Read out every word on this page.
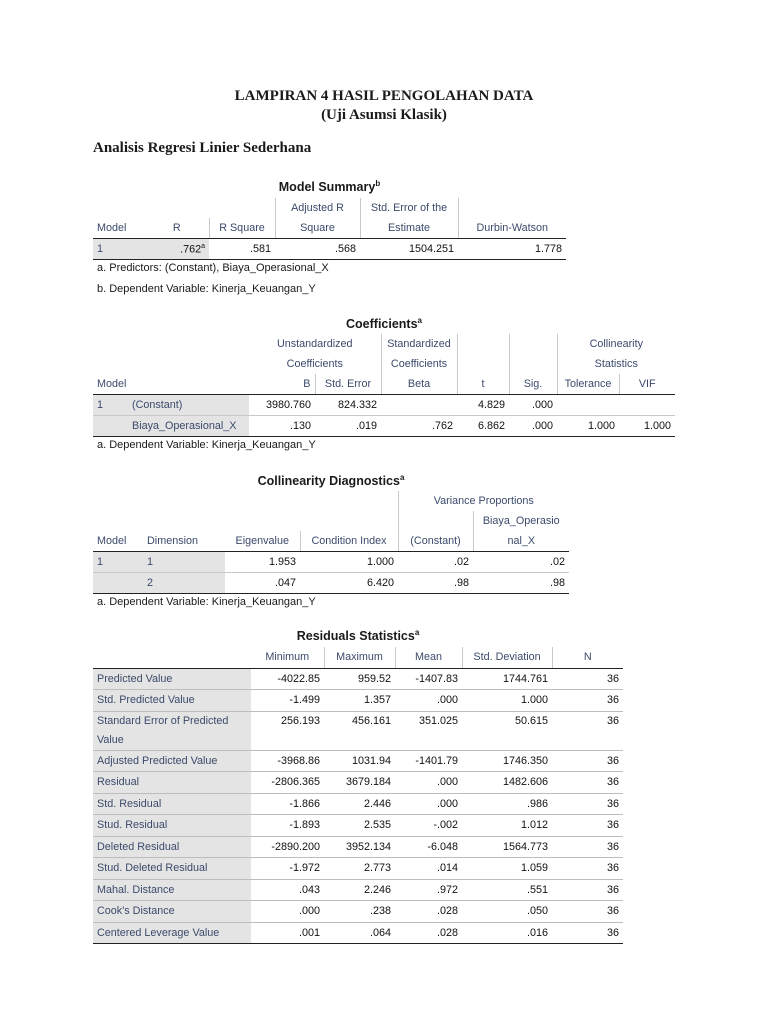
LAMPIRAN 4 HASIL PENGOLAHAN DATA
(Uji Asumsi Klasik)
Analisis Regresi Linier Sederhana
Model Summary$^b$
			Adjusted R	Std. Error of the	
Model	R	R Square	Square	Estimate	Durbin-Watson
1	.762$^a$	.581	.568	1504.251	1.778
a. Predictors: (Constant), Biaya_Operasional_X
b. Dependent Variable: Kinerja_Keuangan_Y
Coefficients$^a$
		Unstandardized		Standardized			Collinearity	
		Coefficients		Coefficients			Statistics	
Model		B	Std. Error	Beta	t	Sig.	Tolerance	VIF
1	(Constant)	3980.760	824.332		4.829	.000		
	Biaya_Operasional_X	.130	.019	.762	6.862	.000	1.000	1.000
a. Dependent Variable: Kinerja_Keuangan_Y
Collinearity Diagnostics$^a$
				Variance Proportions	
					Biaya_Operasio
Model	Dimension	Eigenvalue	Condition Index	(Constant)	nal_X
1	1	1.953	1.000	.02	.02
	2	.047	6.420	.98	.98
a. Dependent Variable: Kinerja_Keuangan_Y
Residuals Statistics$^a$
	Minimum	Maximum	Mean	Std. Deviation	N
Predicted Value	-4022.85	959.52	-1407.83	1744.761	36
Std. Predicted Value	-1.499	1.357	.000	1.000	36
Standard Error of Predicted Value	256.193	456.161	351.025	50.615	36
Adjusted Predicted Value	-3968.86	1031.94	-1401.79	1746.350	36
Residual	-2806.365	3679.184	.000	1482.606	36
Std. Residual	-1.866	2.446	.000	.986	36
Stud. Residual	-1.893	2.535	-.002	1.012	36
Deleted Residual	-2890.200	3952.134	-6.048	1564.773	36
Stud. Deleted Residual	-1.972	2.773	.014	1.059	36
Mahal. Distance	.043	2.246	.972	.551	36
Cook's Distance	.000	.238	.028	.050	36
Centered Leverage Value	.001	.064	.028	.016	36
